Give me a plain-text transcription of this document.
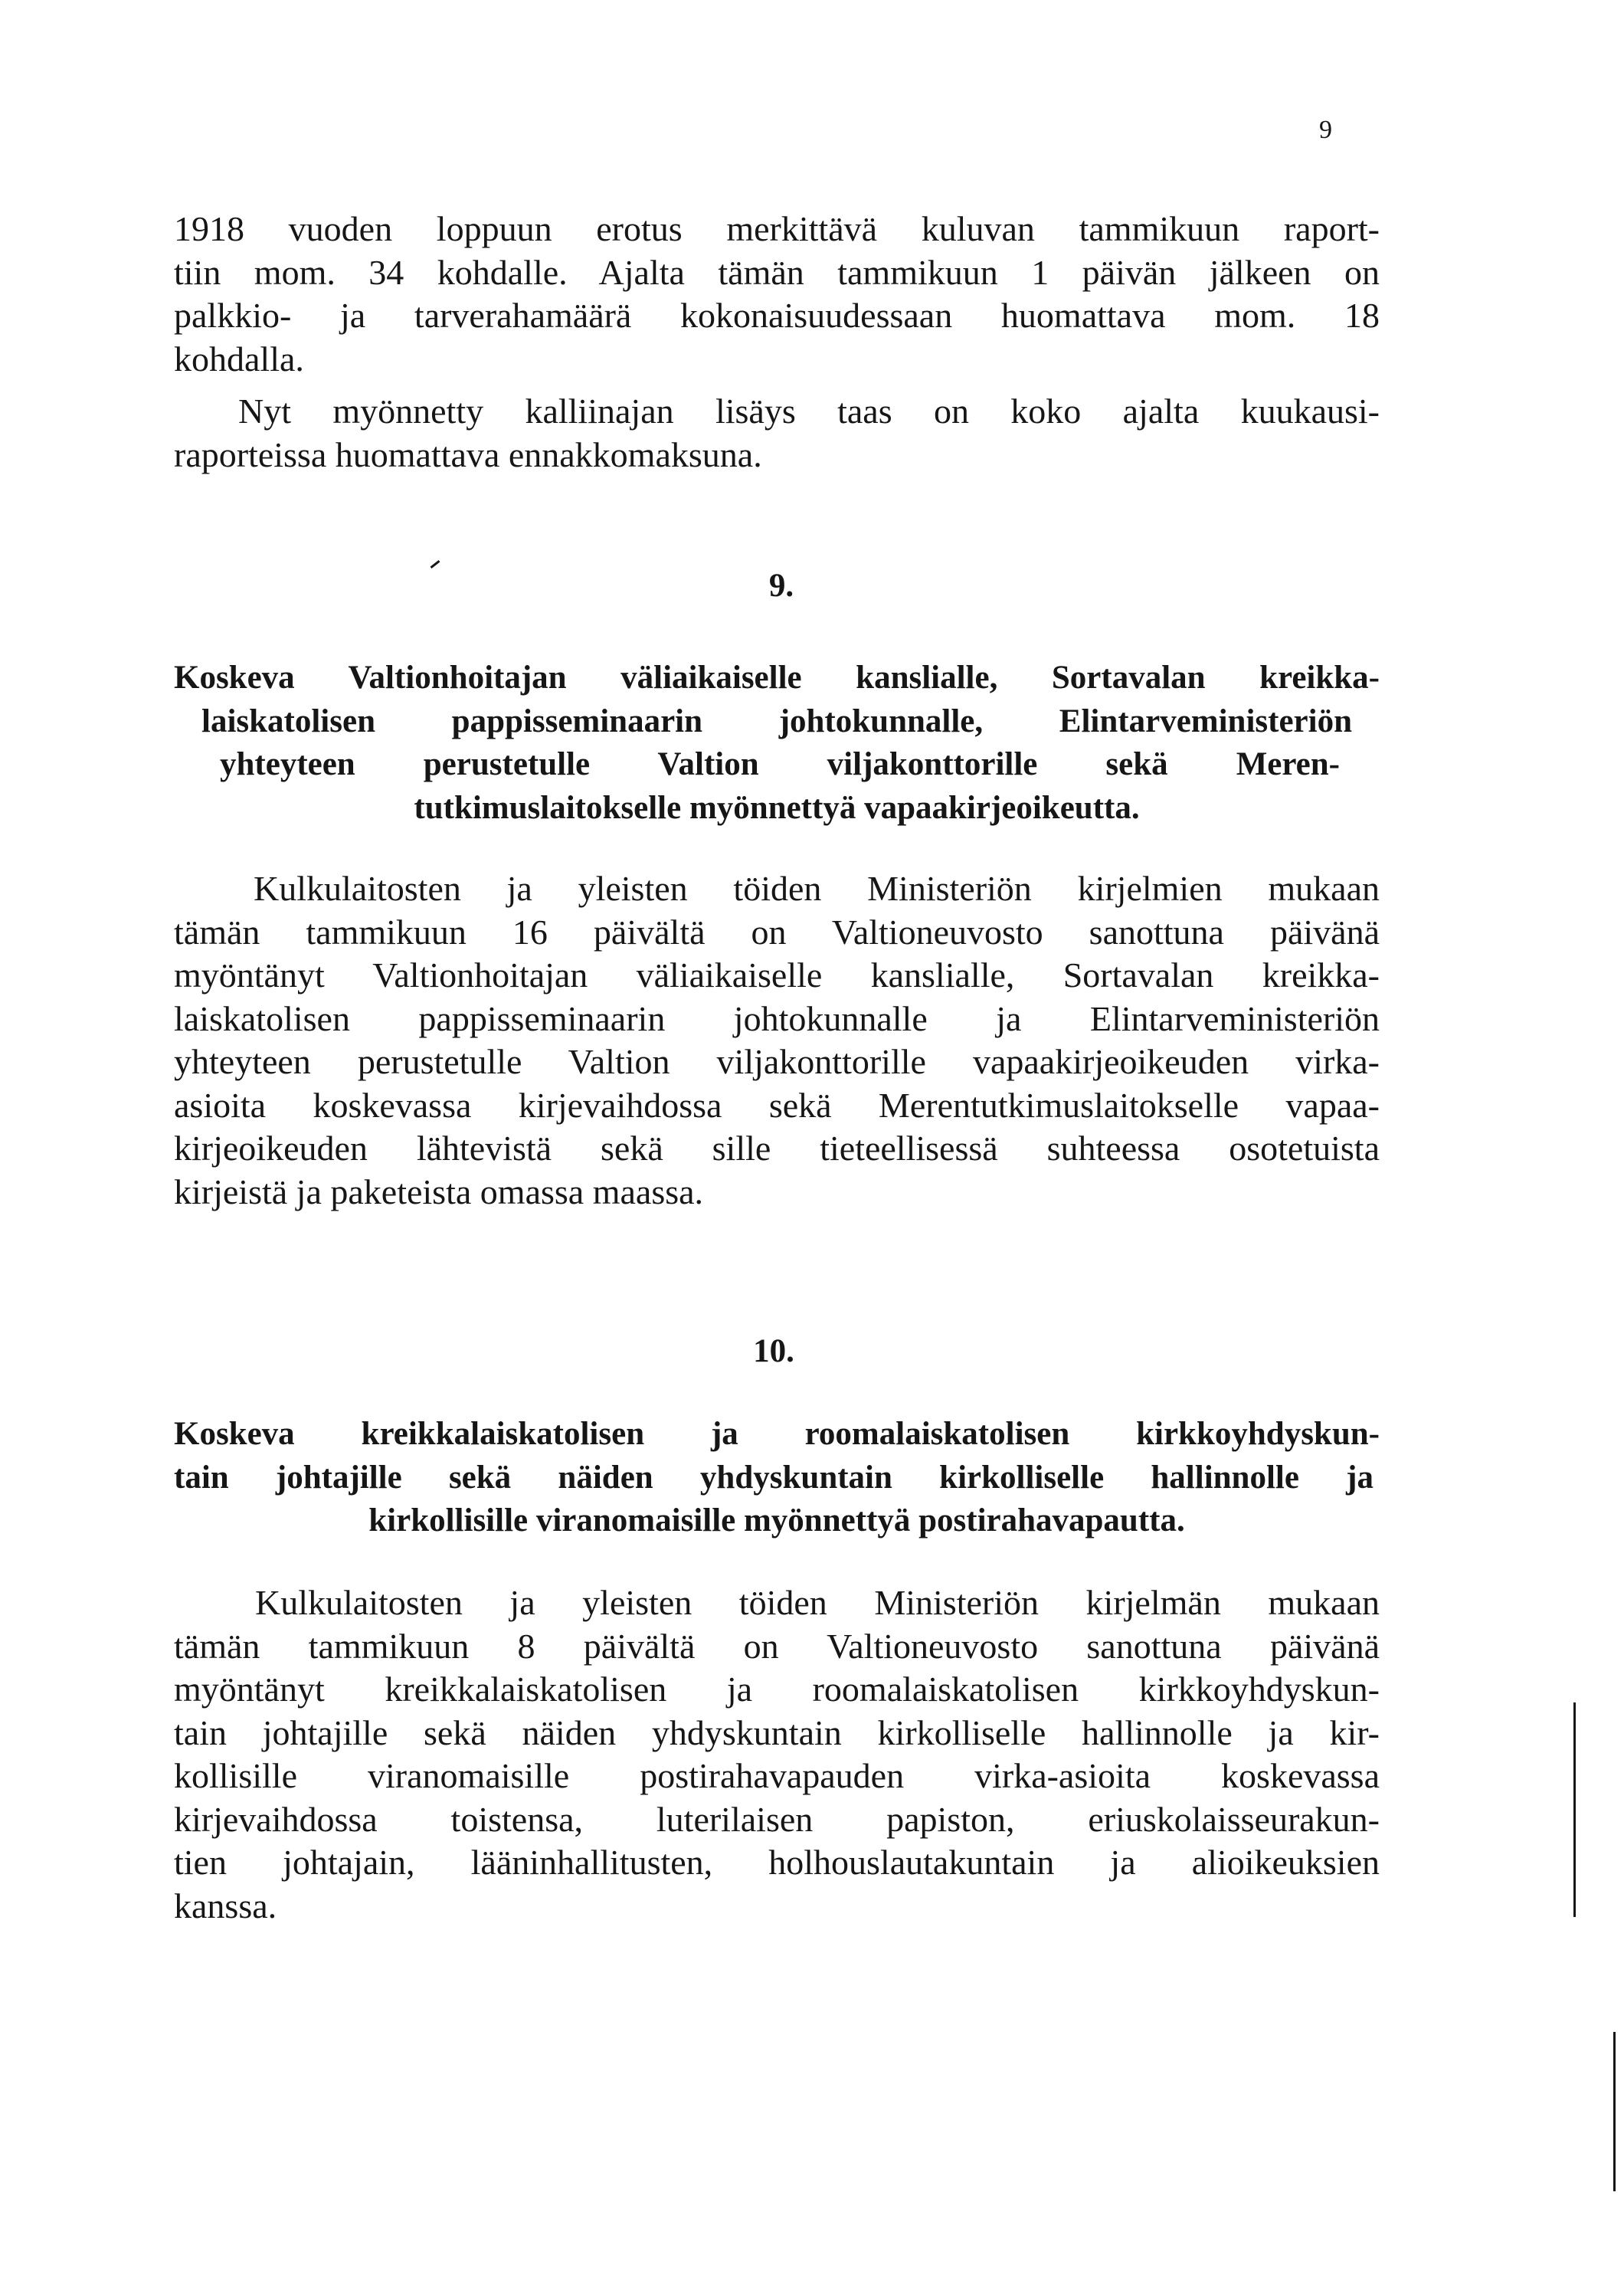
9
1918 vuoden loppuun erotus merkittävä kuluvan tammikuun raport-
tiin mom. 34 kohdalle. Ajalta tämän tammikuun 1 päivän jälkeen on
palkkio- ja tarverahamäärä kokonaisuudessaan huomattava mom. 18
kohdalla.
Nyt myönnetty kalliinajan lisäys taas on koko ajalta kuukausi-
raporteissa huomattava ennakkomaksuna.
9.
Koskeva Valtionhoitajan väliaikaiselle kanslialle, Sortavalan kreikka-
laiskatolisen pappisseminaarin johtokunnalle, Elintarveministeriön
yhteyteen perustetulle Valtion viljakonttorille sekä Meren-
tutkimuslaitokselle myönnettyä vapaakirjeoikeutta.
Kulkulaitosten ja yleisten töiden Ministeriön kirjelmien mukaan
tämän tammikuun 16 päivältä on Valtioneuvosto sanottuna päivänä
myöntänyt Valtionhoitajan väliaikaiselle kanslialle, Sortavalan kreikka-
laiskatolisen pappisseminaarin johtokunnalle ja Elintarveministeriön
yhteyteen perustetulle Valtion viljakonttorille vapaakirjeoikeuden virka-
asioita koskevassa kirjevaihdossa sekä Merentutkimuslaitokselle vapaa-
kirjeoikeuden lähtevistä sekä sille tieteellisessä suhteessa osotetuista
kirjeistä ja paketeista omassa maassa.
10.
Koskeva kreikkalaiskatolisen ja roomalaiskatolisen kirkkoyhdyskun-
tain johtajille sekä näiden yhdyskuntain kirkolliselle hallinnolle ja
kirkollisille viranomaisille myönnettyä postirahavapautta.
Kulkulaitosten ja yleisten töiden Ministeriön kirjelmän mukaan
tämän tammikuun 8 päivältä on Valtioneuvosto sanottuna päivänä
myöntänyt kreikkalaiskatolisen ja roomalaiskatolisen kirkkoyhdyskun-
tain johtajille sekä näiden yhdyskuntain kirkolliselle hallinnolle ja kir-
kollisille viranomaisille postirahavapauden virka-asioita koskevassa
kirjevaihdossa toistensa, luterilaisen papiston, eriuskolaisseurakun-
tien johtajain, lääninhallitusten, holhouslautakuntain ja alioikeuksien
kanssa.
